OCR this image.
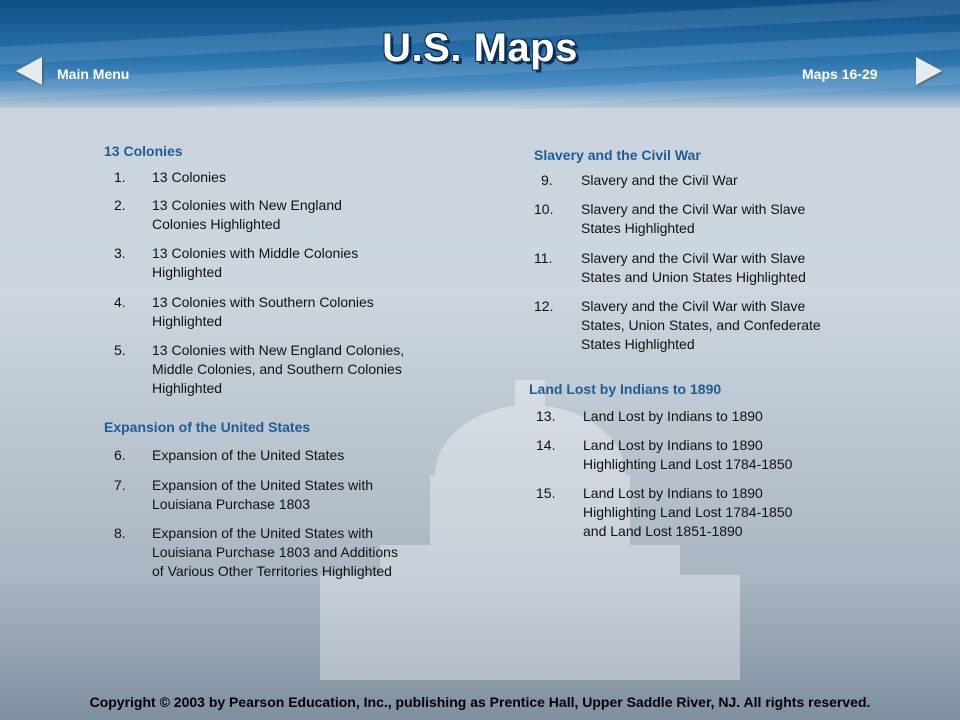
U.S. Maps
Main Menu	Maps 16-29
13 Colonies
1. 13 Colonies
2. 13 Colonies with New England
Colonies Highlighted
3. 13 Colonies with Middle Colonies
Highlighted
4. 13 Colonies with Southern Colonies
Highlighted
5. 13 Colonies with New England Colonies,
Middle Colonies, and Southern Colonies
Highlighted
Expansion of the United States
6. Expansion of the United States
7. Expansion of the United States with
Louisiana Purchase 1803
8. Expansion of the United States with
Louisiana Purchase 1803 and Additions
of Various Other Territories Highlighted
Slavery and the Civil War
9. Slavery and the Civil War
10. Slavery and the Civil War with Slave
States Highlighted
11. Slavery and the Civil War with Slave
States and Union States Highlighted
12. Slavery and the Civil War with Slave
States, Union States, and Confederate
States Highlighted
Land Lost by Indians to 1890
13. Land Lost by Indians to 1890
14. Land Lost by Indians to 1890
Highlighting Land Lost 1784-1850
15. Land Lost by Indians to 1890
Highlighting Land Lost 1784-1850
and Land Lost 1851-1890
Copyright © 2003 by Pearson Education, Inc., publishing as Prentice Hall, Upper Saddle River, NJ. All rights reserved.
